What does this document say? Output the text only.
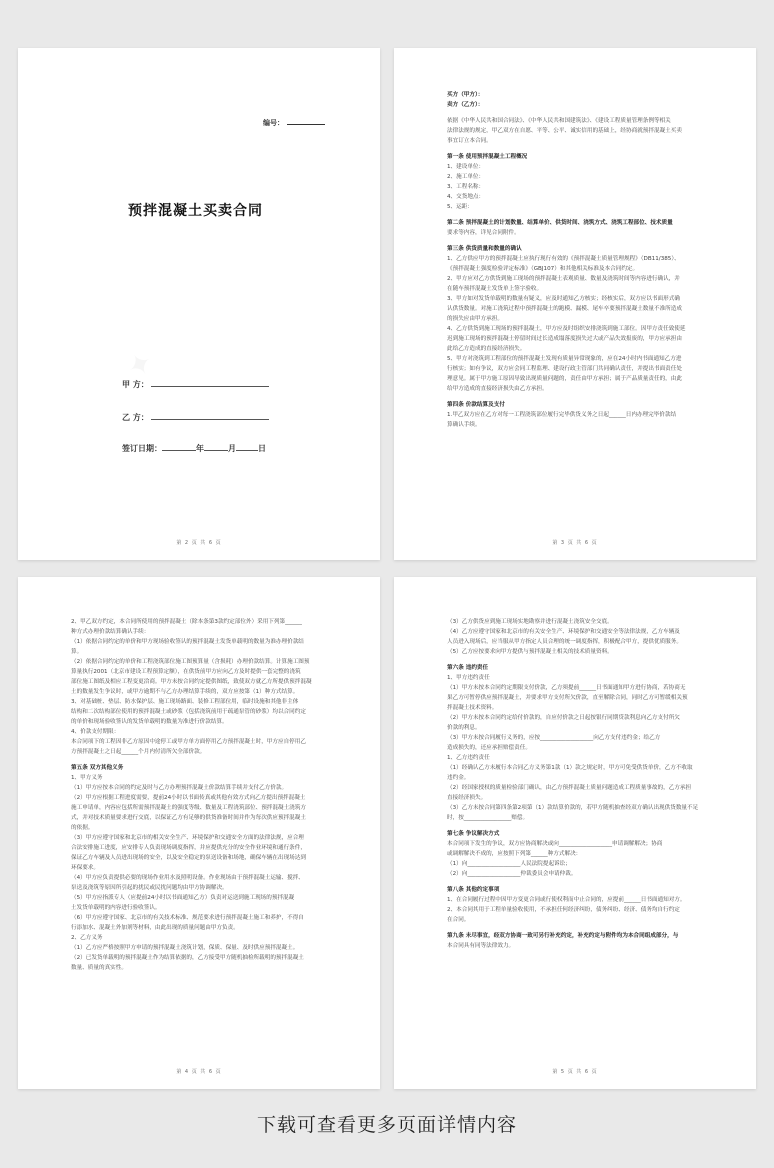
编号：
预拌混凝土买卖合同
甲 方：
乙 方：
签订日期：	年	月	日
第 2 页 共 6 页

买方（甲方）：

卖方（乙方）：

依据《中华人民共和国合同法》、《中华人民共和国建筑法》、《建设工程质量管理条例等相关

法律法规的规定，甲乙双方在自愿、平等、公平、诚实信用的基础上，经协商就预拌混凝土买卖

事宜订立本合同。

第一条 使用预拌混凝土工程概况

1、建设单位：

2、施工单位：

3、工程名称：

4、交货地点：

5、运距：

第二条 预拌混凝土的计划数量、结算单价、供货时间、浇筑方式、浇筑工程部位、技术质量

要求等内容，详见合同附件。

第三条 供货质量和数量的确认

1、乙方供应甲方的预拌混凝土应执行现行有效的《预拌混凝土质量管理规程》（DB11/385）、

《预拌混凝土强度检验评定标准》（GBJ107）和其他相关标准及本合同约定。

2、甲方应对乙方供货到施工现场的预拌混凝土表观质量、数量及浇筑时间等内容进行确认，并

在随车预拌混凝土发货单上签字验收。

3、甲方如对发货单载明的数量有疑义，应及时通知乙方核实；经核实后，双方应以书面形式确

认供货数量。对施工浇筑过程中预拌混凝土的跑模、漏模、尾车卒要预拌混凝土数量不准所造成

的损失应由甲方承担。

4、乙方供货到施工现场的预拌混凝土，甲方应及时组织安排浇筑到施工部位。因甲方责任致使延

迟到施工现场的预拌混凝土停留时间过长造成塌落度损失过大或产品失效报废的，甲方应承担由

此给乙方造成的直接经济损失。

5、甲方对浇筑到工程部位的预拌混凝土发现有质量异常现象的，应在24小时内书面通知乙方进

行核实；如有争议，双方应会同工程监理、建设行政主管部门共同确认责任，并提出书面责任处

理意见。属于甲方施工原因导致出现质量问题的，责任由甲方承担；属于产品质量责任的，由此

给甲方造成的直接经济损失由乙方承担。

第四条 价款结算及支付

1.甲乙双方应在乙方对每一工程浇筑部位履行完毕供货义务之日起______日内办理完毕价款结

算确认手续。

第 3 页 共 6 页

2、甲乙双方约定，本合同所使用的预拌混凝土（除本条第3款约定部位外）采用下列第______

种方式办理价款结算确认手续：

（1）依据合同约定的单价和甲方现场验收签认的预拌混凝土发货单载明的数量为准办理价款结

算。

（2）依据合同约定的单价和工程浇筑部位施工图预算量（含损耗）办理价款结算。计算施工图预

算量执行2001（北京市建设工程预算定额），在供货前甲方应向乙方及时提供一套完整的浇筑

部位施工图纸及相应工程变更洽商。甲方未按合同约定提供图纸，致使双方就乙方所提供预拌混凝

土的数量发生争议时，或甲方逾期不与乙方办理结算手续的，双方应按第（1）种方式结算。

3、对基础桩、垫层、防水保护层、施工现场路面、装修工程部位用，临时设施和其他非主体

结构和二次结构部位使用的预拌混凝土或砂浆（包括浇筑前用于疏通泵管的砂浆）均以合同约定

的单价和现场验收签认的发货单载明的数量为准进行价款结算。

4、价款支付期限：

本合同项下的工程因非乙方原因中途停工或甲方单方面停用乙方预拌混凝土时，甲方应自停用乙

方预拌混凝土之日起______个月内付清所欠全部价款。

第五条 双方其他义务

1、甲方义务

（1）甲方应按本合同的约定及时与乙方办理预拌混凝土价款结算手续并支付乙方价款。

（2）甲方应根据工程进度需要，提前24小时以书面传真或其他有效方式向乙方提出预拌混凝土

施工申请单，内容应包括所需预拌混凝土的强度等级、数量及工程浇筑部位、预拌混凝土浇筑方

式，并对技术质量要求进行交底，以保证乙方有足够的供货准备时间并作为每次供应预拌混凝土

的依据。

（3）甲方应遵守国家和北京市的相关安全生产、环境保护和交通安全方面的法律法规，应合理

合法安排施工进度，应安排专人负责现场调度指挥，并应提供充分的安全作业环境和通行条件，

保证乙方车辆及人员进出现场的安全，以及安全稳定的泵送设备和场地，确保车辆在出现场达到

环保要求。

（4）甲方应负责提供必要的现场作业用水及照明设备。作业现场由于预拌混凝土运输、搅拌、

泵送及浇筑等原因所引起的扰民或民扰问题均由甲方协调解决。

（5）甲方应指派专人（应提前24小时以书面通知乙方）负责对运送到施工现场的预拌混凝

土发货单载明的内容进行验收签认。

（6）甲方应遵守国家、北京市的有关技术标准、规范要求进行预拌混凝土施工和养护，不得自

行添加水、混凝土外加剂等材料，由此出现的质量问题由甲方负责。

2、乙方义务

（1）乙方应严格按照甲方申请的预拌混凝土浇筑计划，保质、保量、及时供应预拌混凝土。

（2）已发货单载明的预拌混凝土作为结算依据的，乙方接受甲方随机抽检所载明的预拌混凝土

数量、质量的真实性。

第 4 页 共 6 页

（3）乙方供货应到施工现场实地勘察并进行混凝土浇筑安全交底。

（4）乙方应遵守国家和北京市的有关安全生产、环境保护和交通安全等法律法规，乙方车辆及

人员进入现场后，应当服从甲方指定人员合理的统一调度指挥，积极配合甲方，提供优质服务。

（5）乙方应按要求向甲方提供与预拌混凝土相关的技术质量资料。

第六条 违约责任

1、甲方违约责任

（1）甲方未按本合同约定期限支付价款，乙方须提前______日书面通知甲方进行协商，若协商无

果乙方可暂停供应预拌混凝土，并要求甲方支付所欠价款，直至解除合同，同时乙方可暂缓相关预

拌混凝土技术资料。

（2）甲方未按本合同约定给付价款的，自应付价款之日起按银行同期贷款利息向乙方支付所欠

价款的利息。

（3）甲方未按合同履行义务的，应按___________________向乙方支付违约金；给乙方

造成损失的，还应承担赔偿责任。

1、乙方违约责任

（1）经确认乙方未履行本合同乙方义务第1款（1）款之规定时，甲方可免受供货单价，乙方不收取

违约金。

（2）经国家授权的质量检验部门确认，由乙方预拌混凝土质量问题造成工程质量事故的，乙方承担

直接经济损失。

（3）乙方未按合同第四条第2项第（1）款结算价款的，若甲方随机抽查经双方确认出现供货数量不足

时，按_________________赔偿。

第七条 争议解决方式

本合同项下发生的争议，双方应协商解决或向___________________申请调解解决；协商

或调解解决不成的，应按照下列第______种方式解决：

（1）向___________________人民法院提起诉讼；

（2）向___________________仲裁委员会申请仲裁。

第八条 其他约定事项

1、在合同履行过程中因甲方变更合同或行使权利而中止合同的，应提前______日书面通知对方。

2、本合同其用于工程单量验收使用，不承担任何经济纠纷，债务纠纷、经济、债务均自行约定

在合同。

第九条 未尽事宜，经双方协商一致可另行补充约定，补充约定与附件均为本合同组成部分，与

本合同具有同等法律效力。

第 5 页 共 6 页
下载可查看更多页面详情内容
